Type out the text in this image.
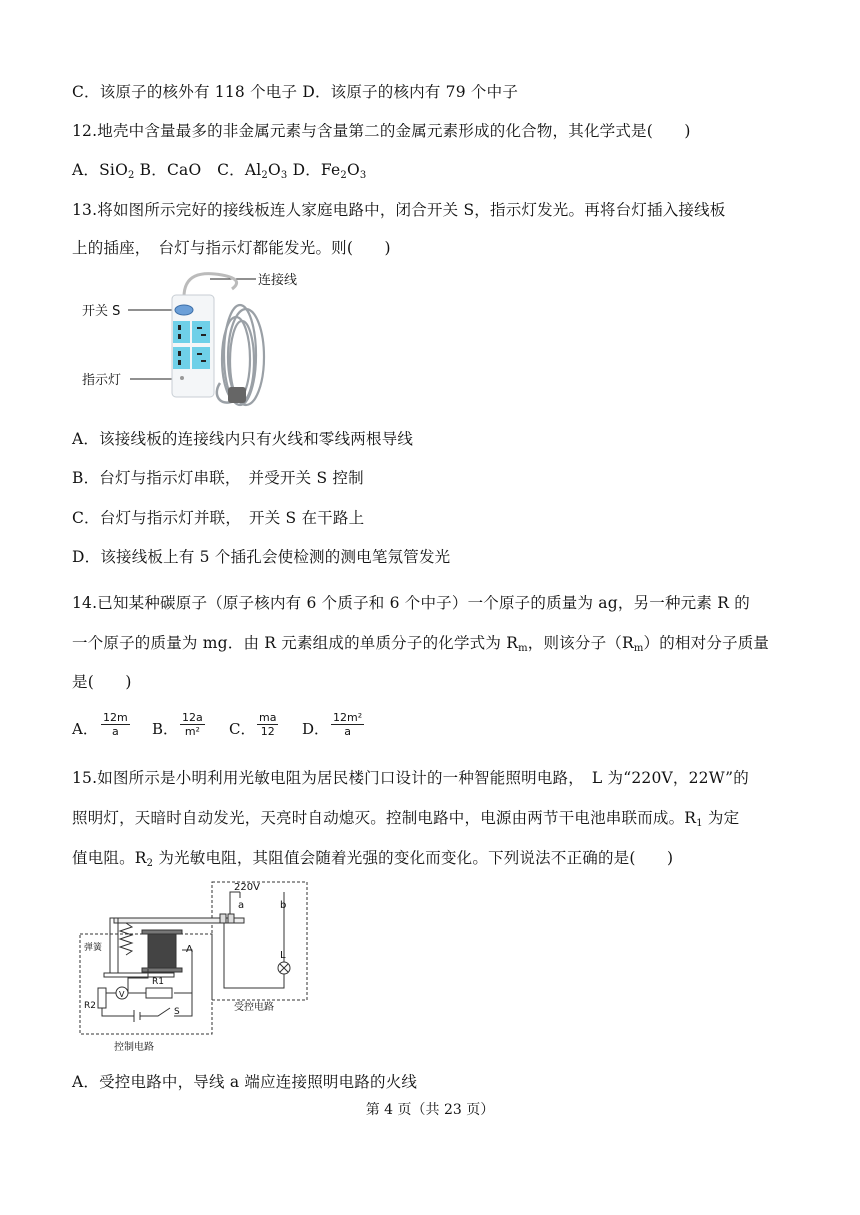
C．该原子的核外有 118 个电子 D．该原子的核内有 79 个中子
12.地壳中含量最多的非金属元素与含量第二的金属元素形成的化合物，其化学式是(　　)
A．SiO$_2$ B．CaO　C．$Al_2O_3$ D．$Fe_2O_3$
13.将如图所示完好的接线板连人家庭电路中，闭合开关 S，指示灯发光。再将台灯插入接线板
上的插座，　台灯与指示灯都能发光。则(　　)
连接线
开关 S
指示灯
A．该接线板的连接线内只有火线和零线两根导线
B．台灯与指示灯串联，　并受开关 S 控制
C．台灯与指示灯并联，　开关 S 在干路上
D．该接线板上有 5 个插孔会使检测的测电笔氖管发光
14.已知某种碳原子（原子核内有 6 个质子和 6 个中子）一个原子的质量为 ag，另一种元素 R 的
一个原子的质量为 mg．由 R 元素组成的单质分子的化学式为 $R_m$，则该分子$(R_m)$的相对分子质量
是(　　)
A． $\frac{12m}{a}$ B． $\frac{12a}{\text{m²}}$ C． $\frac{ma}{12}$ D． $\frac{\text{12m²}}{a}$
15.如图所示是小明利用光敏电阻为居民楼门口设计的一种智能照明电路，　L 为“220V，22W”的
照明灯，天暗时自动发光，天亮时自动熄灭。控制电路中，电源由两节干电池串联而成。$R_1$ 为定
值电阻。$R_2$ 为光敏电阻，其阻值会随着光强的变化而变化。下列说法不正确的是(　　)
220V
a	b
弹簧	A
V
R1
R2
S
L
受控电路
控制电路
A．受控电路中，导线 a 端应连接照明电路的火线
第 4 页（共 23 页）
